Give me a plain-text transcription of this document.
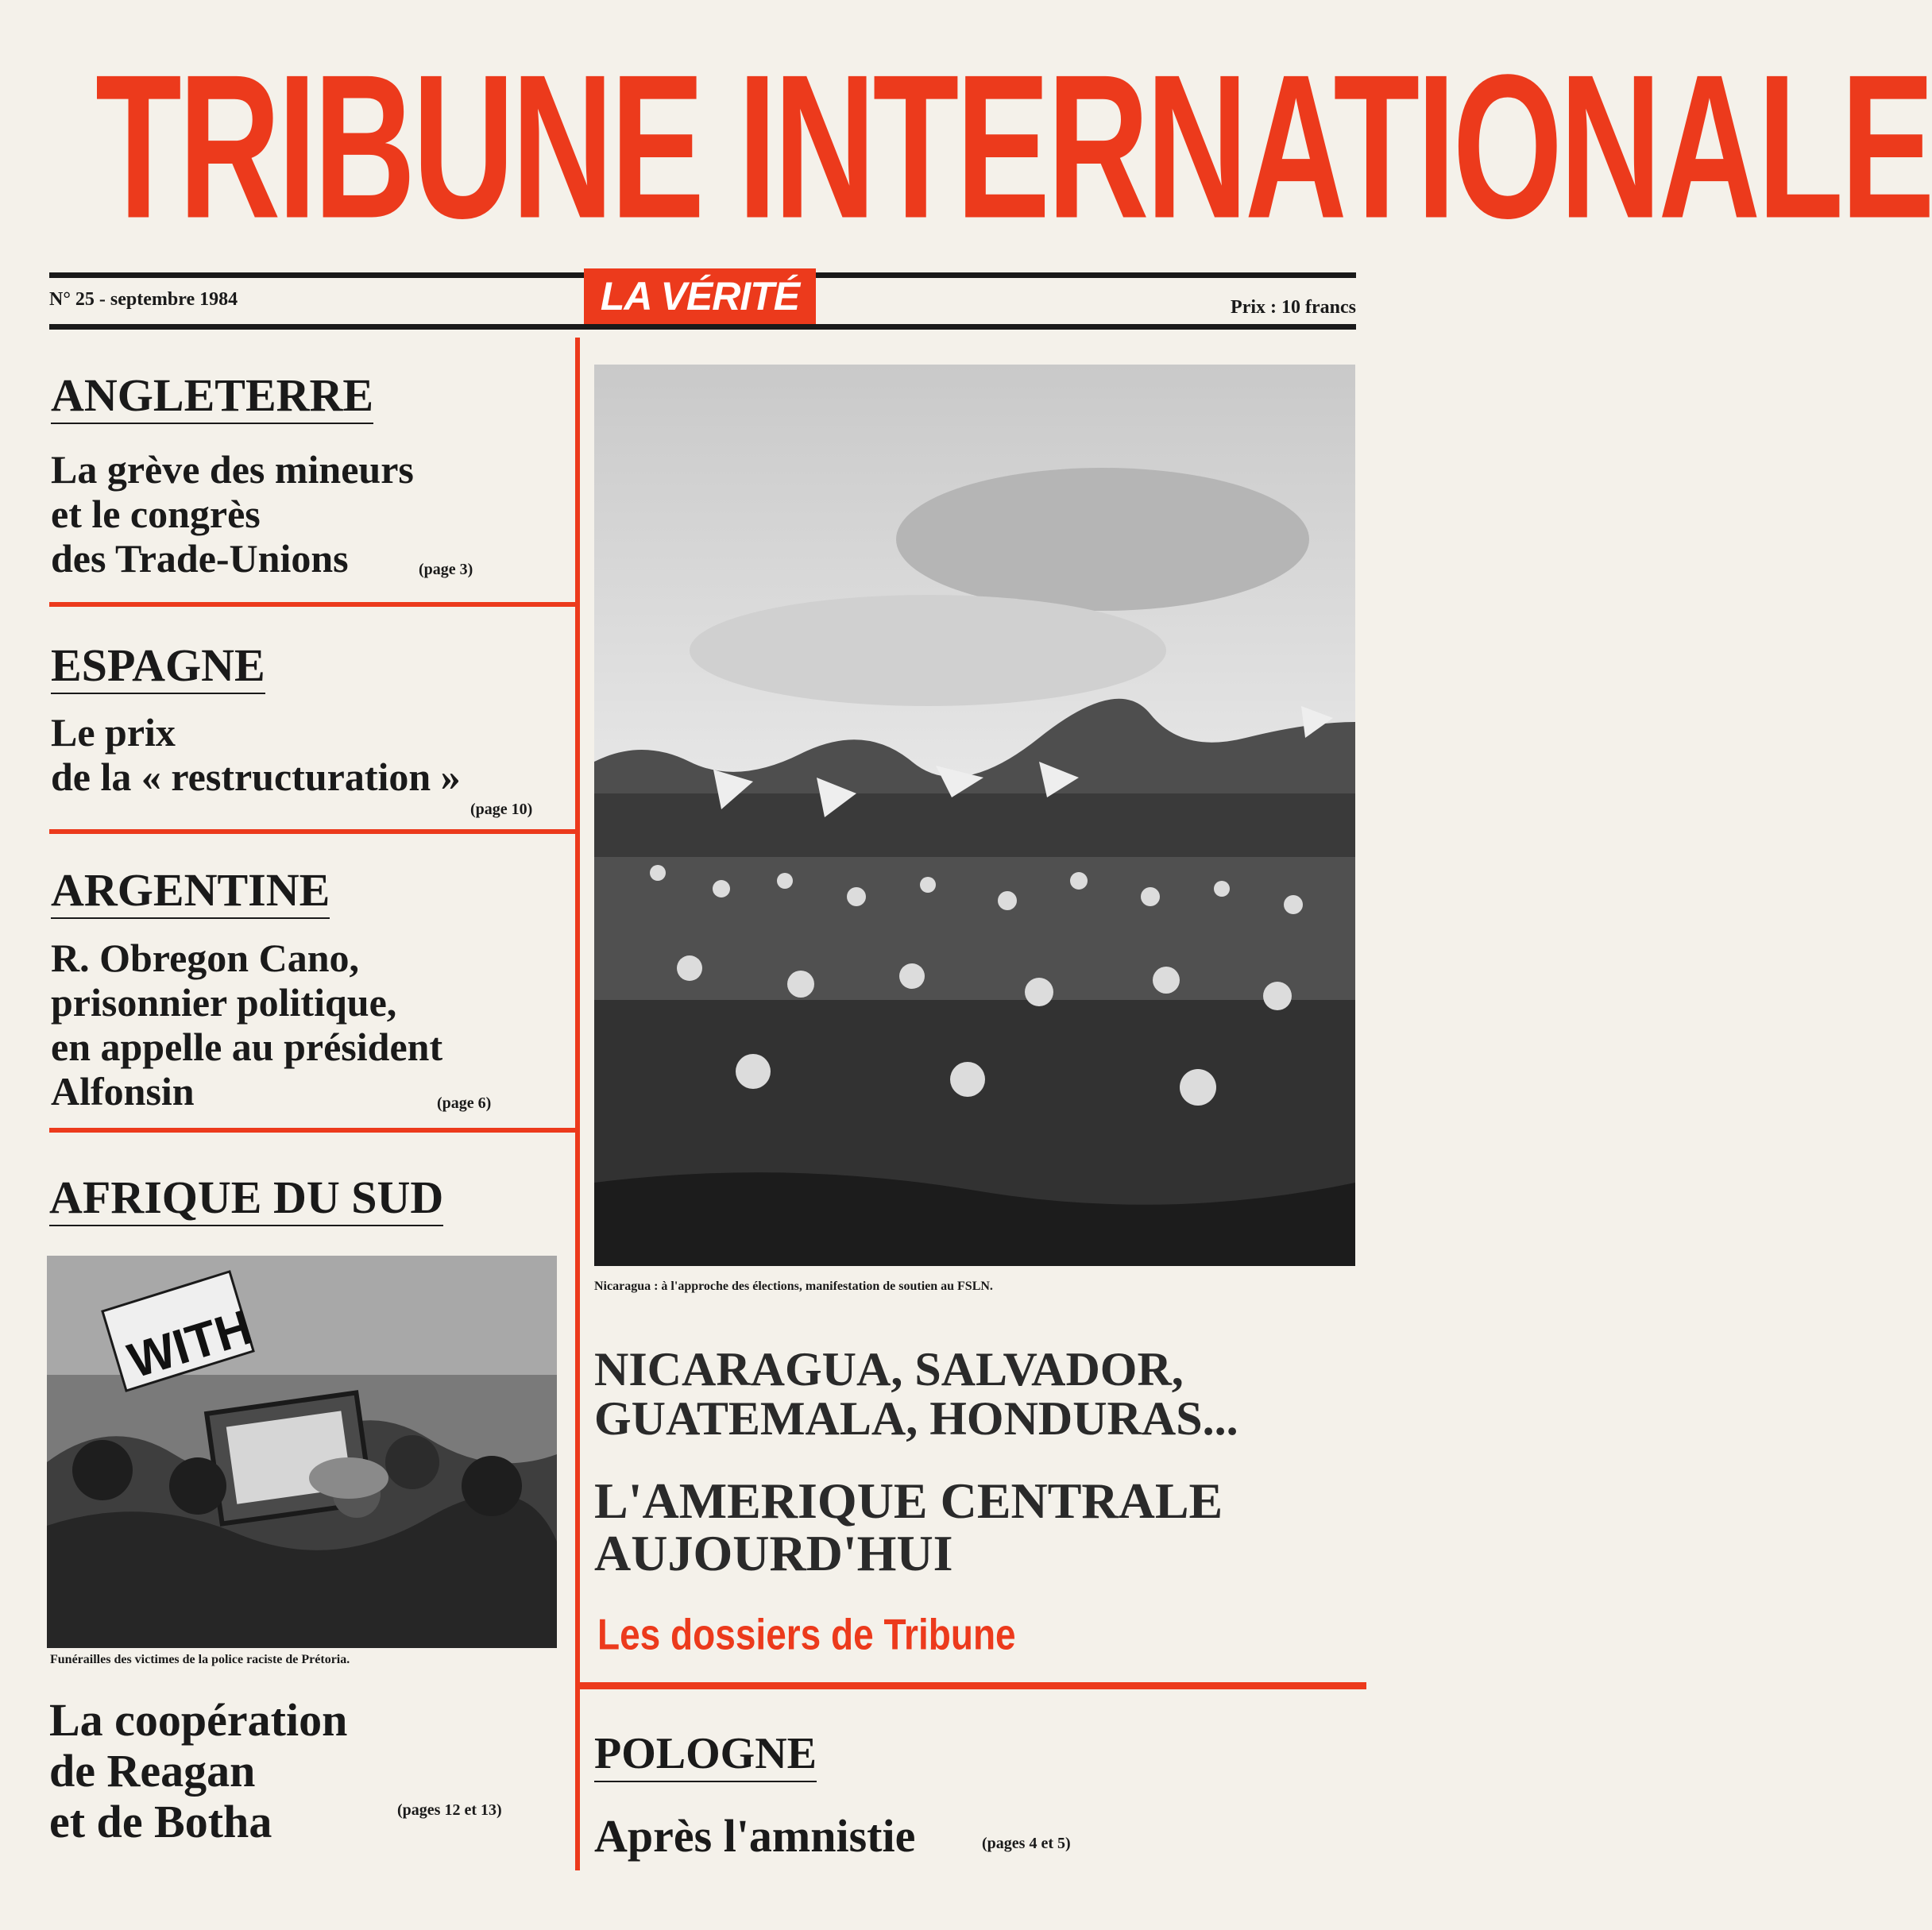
TRIBUNE INTERNATIONALE
N° 25 - septembre 1984	LA VÉRITÉ	Prix : 10 francs
ANGLETERRE
La grève des mineurs
et le congrès
des Trade-Unions	(page 3)
ESPAGNE
Le prix
de la « restructuration »
(page 10)
ARGENTINE
R. Obregon Cano,
prisonnier politique,
en appelle au président
Alfonsin	(page 6)
AFRIQUE DU SUD
WITH
Funérailles des victimes de la police raciste de Prétoria.
La coopération
de Reagan
et de Botha	(pages 12 et 13)
Nicaragua : à l'approche des élections, manifestation de soutien au FSLN.
NICARAGUA, SALVADOR,
GUATEMALA, HONDURAS...
L'AMERIQUE CENTRALE
AUJOURD'HUI
Les dossiers de Tribune
POLOGNE
Après l'amnistie	(pages 4 et 5)
